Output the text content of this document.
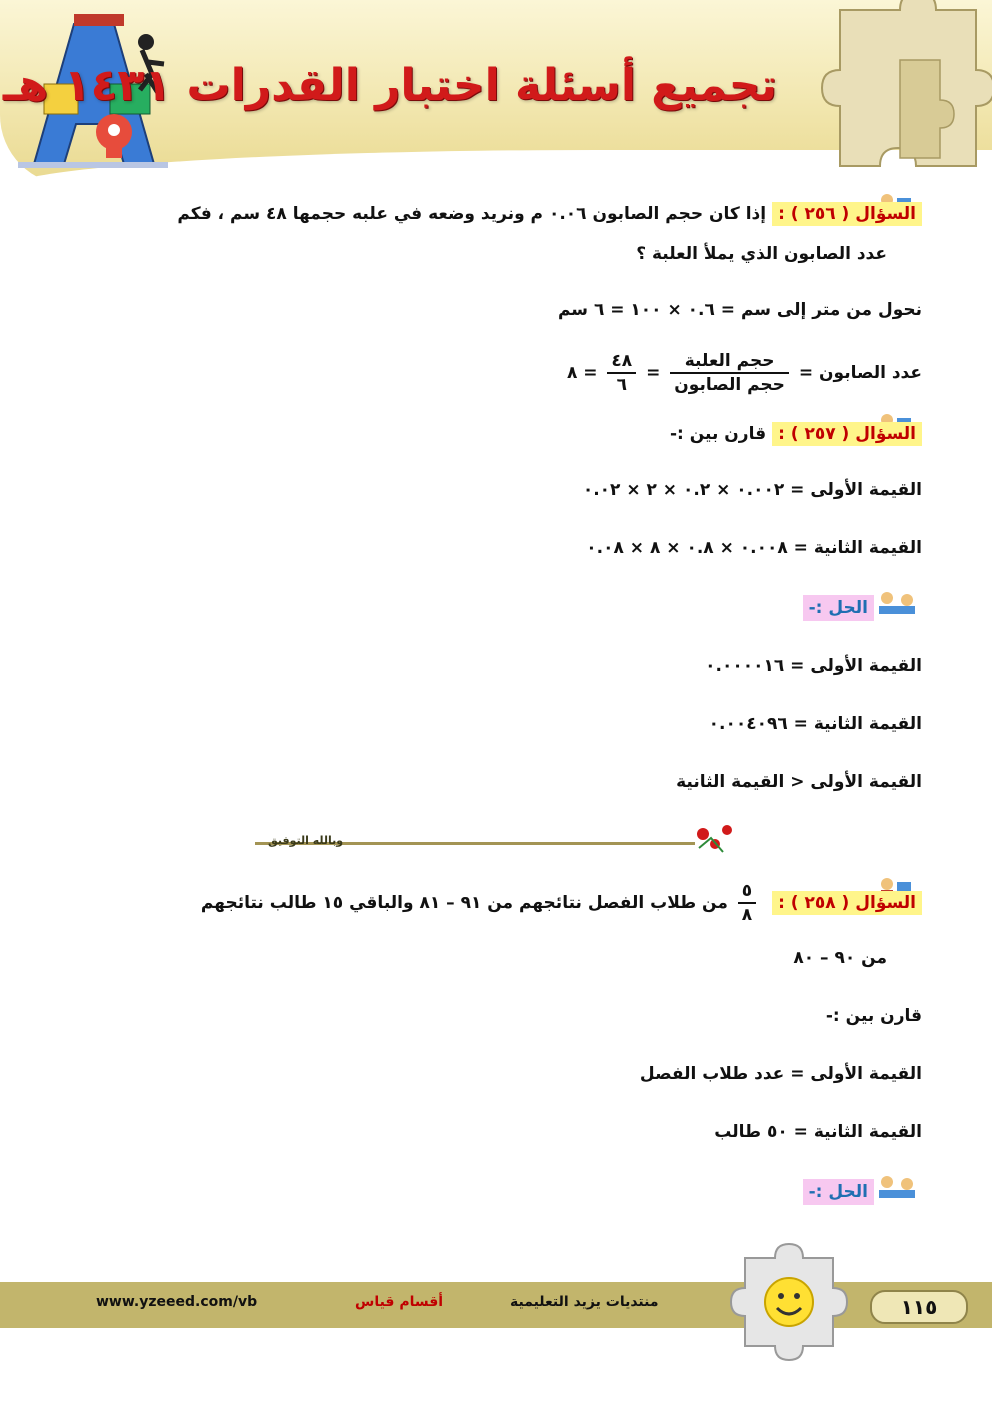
تجميع أسئلة اختبار القدرات ١٤٣١ هـ
السؤال ( ٢٥٦ ) :إذا كان حجم الصابون ٠.٠٦ م ونريد وضعه في علبه حجمها ٤٨ سم ، فكم
عدد الصابون الذي يملأ العلبة ؟
نحول من متر إلى سم = ٠.٦ × ١٠٠ = ٦ سم
عدد الصابون =
$\frac{\text{حجم العلبة}}{\text{حجم الصابون}}$
=
$\frac{٤٨}{٦}$
= ٨
السؤال ( ٢٥٧ ) :قارن بين :-
القيمة الأولى = ٠.٠٠٢ × ٠.٢ × ٢ × ٠.٠٢
القيمة الثانية = ٠.٠٠٨ × ٠.٨ × ٨ × ٠.٠٨
الحل :-
القيمة الأولى = ٠.٠٠٠٠١٦
القيمة الثانية = ٠.٠٠٤٠٩٦
القيمة الأولى < القيمة الثانية
وبالله التوفيق
السؤال ( ٢٥٨ ) :
$\frac{٥}{٨}$
من طلاب الفصل نتائجهم من ٩١ – ٨١ والباقي ١٥ طالب نتائجهم
من ٩٠ – ٨٠
قارن بين :-
القيمة الأولى = عدد طلاب الفصل
القيمة الثانية = ٥٠ طالب
الحل :-
www.yzeeed.com/vb	أقسام قياس	منتديات يزيد التعليمية	١١٥
